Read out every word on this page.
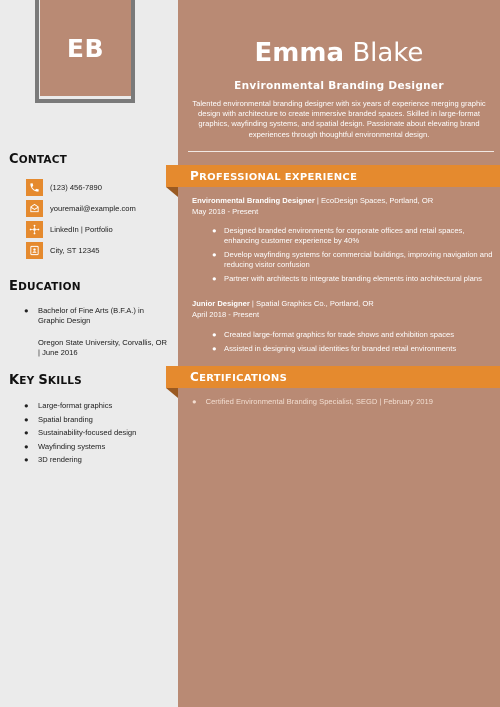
EB
CONTACT
(123) 456-7890
youremail@example.com
LinkedIn | Portfolio
City, ST 12345
EDUCATION
● Bachelor of Fine Arts (B.F.A.) in Graphic Design
Oregon State University, Corvallis, OR | June 2016
KEY SKILLS
● Large-format graphics
● Spatial branding
● Sustainability-focused design
● Wayfinding systems
● 3D rendering
Emma Blake
Environmental Branding Designer
Talented environmental branding designer with six years of experience merging graphic design with architecture to create immersive branded spaces. Skilled in large-format graphics, wayfinding systems, and spatial design. Passionate about elevating brand experiences through thoughtful environmental design.
PROFESSIONAL EXPERIENCE
Environmental Branding Designer | EcoDesign Spaces, Portland, OR
May 2018 - Present
● Designed branded environments for corporate offices and retail spaces, enhancing customer experience by 40%
● Develop wayfinding systems for commercial buildings, improving navigation and reducing visitor confusion
● Partner with architects to integrate branding elements into architectural plans
Junior Designer | Spatial Graphics Co., Portland, OR
April 2018 - Present
● Created large-format graphics for trade shows and exhibition spaces
● Assisted in designing visual identities for branded retail environments
CERTIFICATIONS
● Certified Environmental Branding Specialist, SEGD | February 2019
